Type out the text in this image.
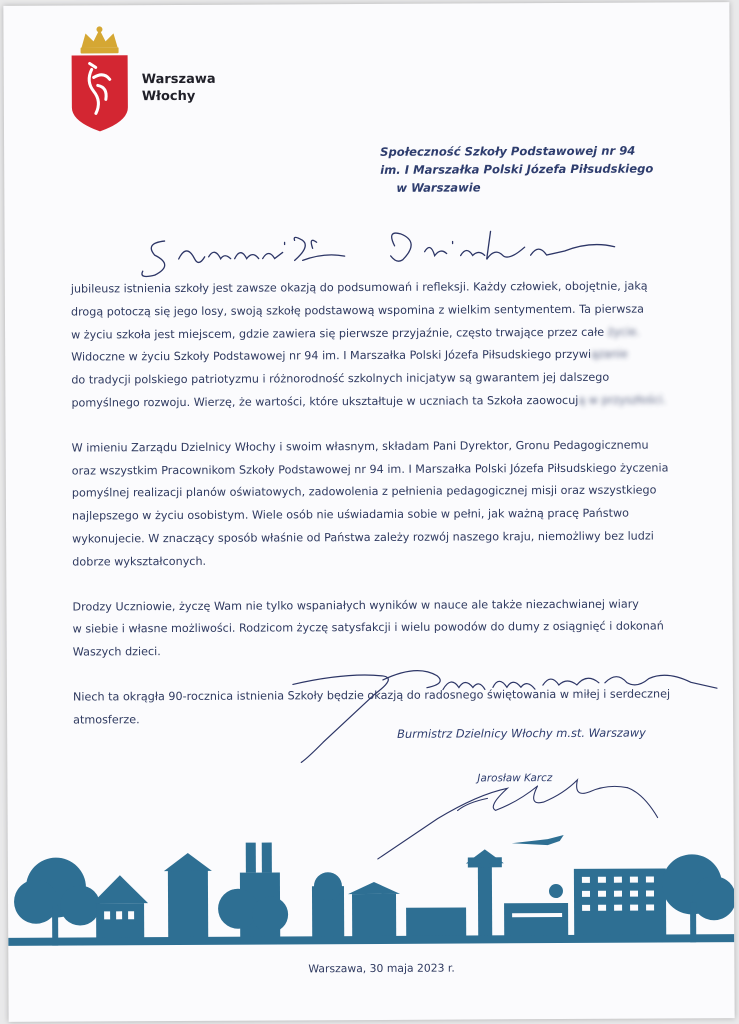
Warszawa
Włochy
Społeczność Szkoły Podstawowej nr 94
im. I Marszałka Polski Józefa Piłsudskiego
w Warszawie
jubileusz istnienia szkoły jest zawsze okazją do podsumowań i refleksji. Każdy człowiek, obojętnie, jaką
drogą potoczą się jego losy, swoją szkołę podstawową wspomina z wielkim sentymentem. Ta pierwsza
w życiu szkoła jest miejscem, gdzie zawiera się pierwsze przyjaźnie, często trwające przez całe życie.
Widoczne w życiu Szkoły Podstawowej nr 94 im. I Marszałka Polski Józefa Piłsudskiego przywiązanie
do tradycji polskiego patriotyzmu i różnorodność szkolnych inicjatyw są gwarantem jej dalszego
pomyślnego rozwoju. Wierzę, że wartości, które ukształtuje w uczniach ta Szkoła zaowocują w przyszłości.
W imieniu Zarządu Dzielnicy Włochy i swoim własnym, składam Pani Dyrektor, Gronu Pedagogicznemu
oraz wszystkim Pracownikom Szkoły Podstawowej nr 94 im. I Marszałka Polski Józefa Piłsudskiego życzenia
pomyślnej realizacji planów oświatowych, zadowolenia z pełnienia pedagogicznej misji oraz wszystkiego
najlepszego w życiu osobistym. Wiele osób nie uświadamia sobie w pełni, jak ważną pracę Państwo
wykonujecie. W znaczący sposób właśnie od Państwa zależy rozwój naszego kraju, niemożliwy bez ludzi
dobrze wykształconych.
Drodzy Uczniowie, życzę Wam nie tylko wspaniałych wyników w nauce ale także niezachwianej wiary
w siebie i własne możliwości. Rodzicom życzę satysfakcji i wielu powodów do dumy z osiągnięć i dokonań
Waszych dzieci.
Niech ta okrągła 90-rocznica istnienia Szkoły będzie okazją do radosnego świętowania w miłej i serdecznej
atmosferze.
Burmistrz Dzielnicy Włochy m.st. Warszawy
Jarosław Karcz
Warszawa, 30 maja 2023 r.
